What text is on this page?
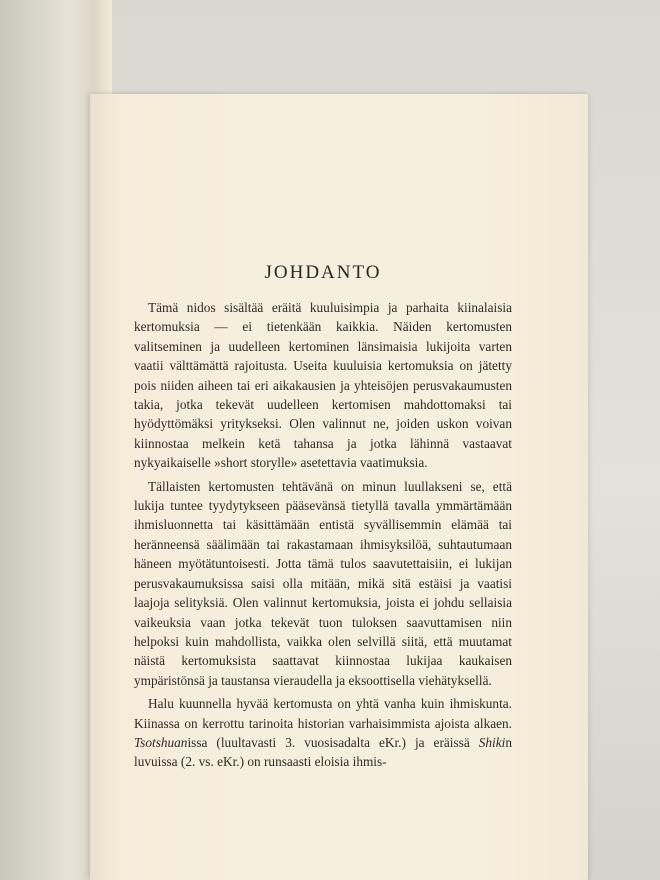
JOHDANTO

Tämä nidos sisältää eräitä kuuluisimpia ja parhaita kiinalaisia kertomuksia — ei tietenkään kaikkia. Näiden kertomusten valitseminen ja uudelleen kertominen länsimaisia lukijoita varten vaatii välttämättä rajoitusta. Useita kuuluisia kertomuksia on jätetty pois niiden aiheen tai eri aikakausien ja yhteisöjen perusvakaumusten takia, jotka tekevät uudelleen kertomisen mahdottomaksi tai hyödyttömäksi yritykseksi. Olen valinnut ne, joiden uskon voivan kiinnostaa melkein ketä tahansa ja jotka lähinnä vastaavat nykyaikaiselle »short storylle» asetettavia vaatimuksia.

Tällaisten kertomusten tehtävänä on minun luullakseni se, että lukija tuntee tyydytykseen pääsevänsä tietyllä tavalla ymmärtämään ihmisluonnetta tai käsittämään entistä syvällisemmin elämää tai heränneensä säälimään tai rakastamaan ihmisyksilöä, suhtautumaan häneen myötätuntoisesti. Jotta tämä tulos saavutettaisiin, ei lukijan perusvakaumuksissa saisi olla mitään, mikä sitä estäisi ja vaatisi laajoja selityksiä. Olen valinnut kertomuksia, joista ei johdu sellaisia vaikeuksia vaan jotka tekevät tuon tuloksen saavuttamisen niin helpoksi kuin mahdollista, vaikka olen selvillä siitä, että muutamat näistä kertomuksista saattavat kiinnostaa lukijaa kaukaisen ympäristönsä ja taustansa vieraudella ja eksoottisella viehätyksellä.

Halu kuunnella hyvää kertomusta on yhtä vanha kuin ihmiskunta. Kiinassa on kerrottu tarinoita historian varhaisimmista ajoista alkaen. Tsotshuanissa (luultavasti 3. vuosisadalta eKr.) ja eräissä Shikin luvuissa (2. vs. eKr.) on runsaasti eloisia ihmis-
